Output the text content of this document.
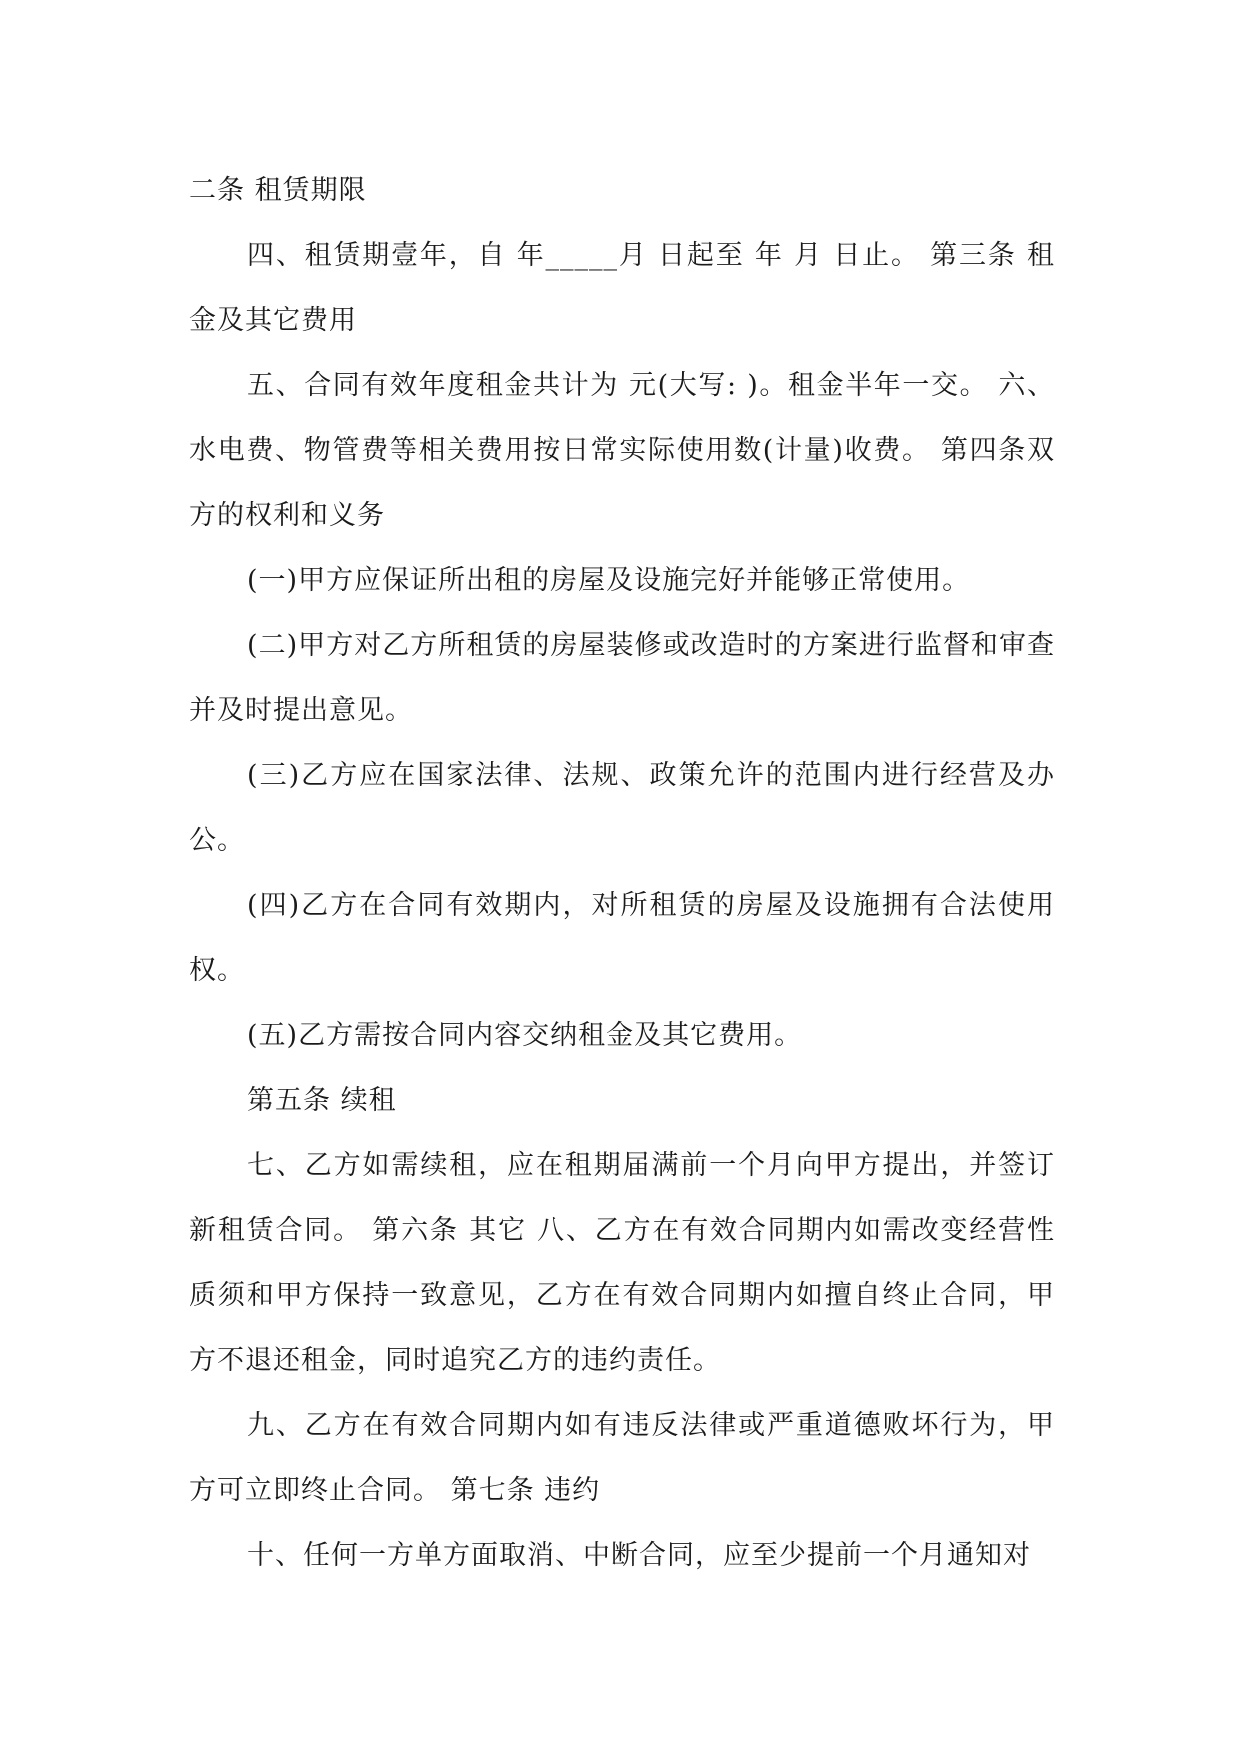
二条 租赁期限

四、租赁期壹年，自 年_____月 日起至 年 月 日止。 第三条 租金及其它费用

五、合同有效年度租金共计为 元(大写: )。租金半年一交。 六、水电费、物管费等相关费用按日常实际使用数(计量)收费。 第四条双方的权利和义务

(一)甲方应保证所出租的房屋及设施完好并能够正常使用。

(二)甲方对乙方所租赁的房屋装修或改造时的方案进行监督和审查并及时提出意见。

(三)乙方应在国家法律、法规、政策允许的范围内进行经营及办公。

(四)乙方在合同有效期内，对所租赁的房屋及设施拥有合法使用权。

(五)乙方需按合同内容交纳租金及其它费用。

第五条 续租

七、乙方如需续租，应在租期届满前一个月向甲方提出，并签订新租赁合同。 第六条 其它 八、乙方在有效合同期内如需改变经营性质须和甲方保持一致意见，乙方在有效合同期内如擅自终止合同，甲方不退还租金，同时追究乙方的违约责任。

九、乙方在有效合同期内如有违反法律或严重道德败坏行为，甲方可立即终止合同。 第七条 违约

十、任何一方单方面取消、中断合同，应至少提前一个月通知对
